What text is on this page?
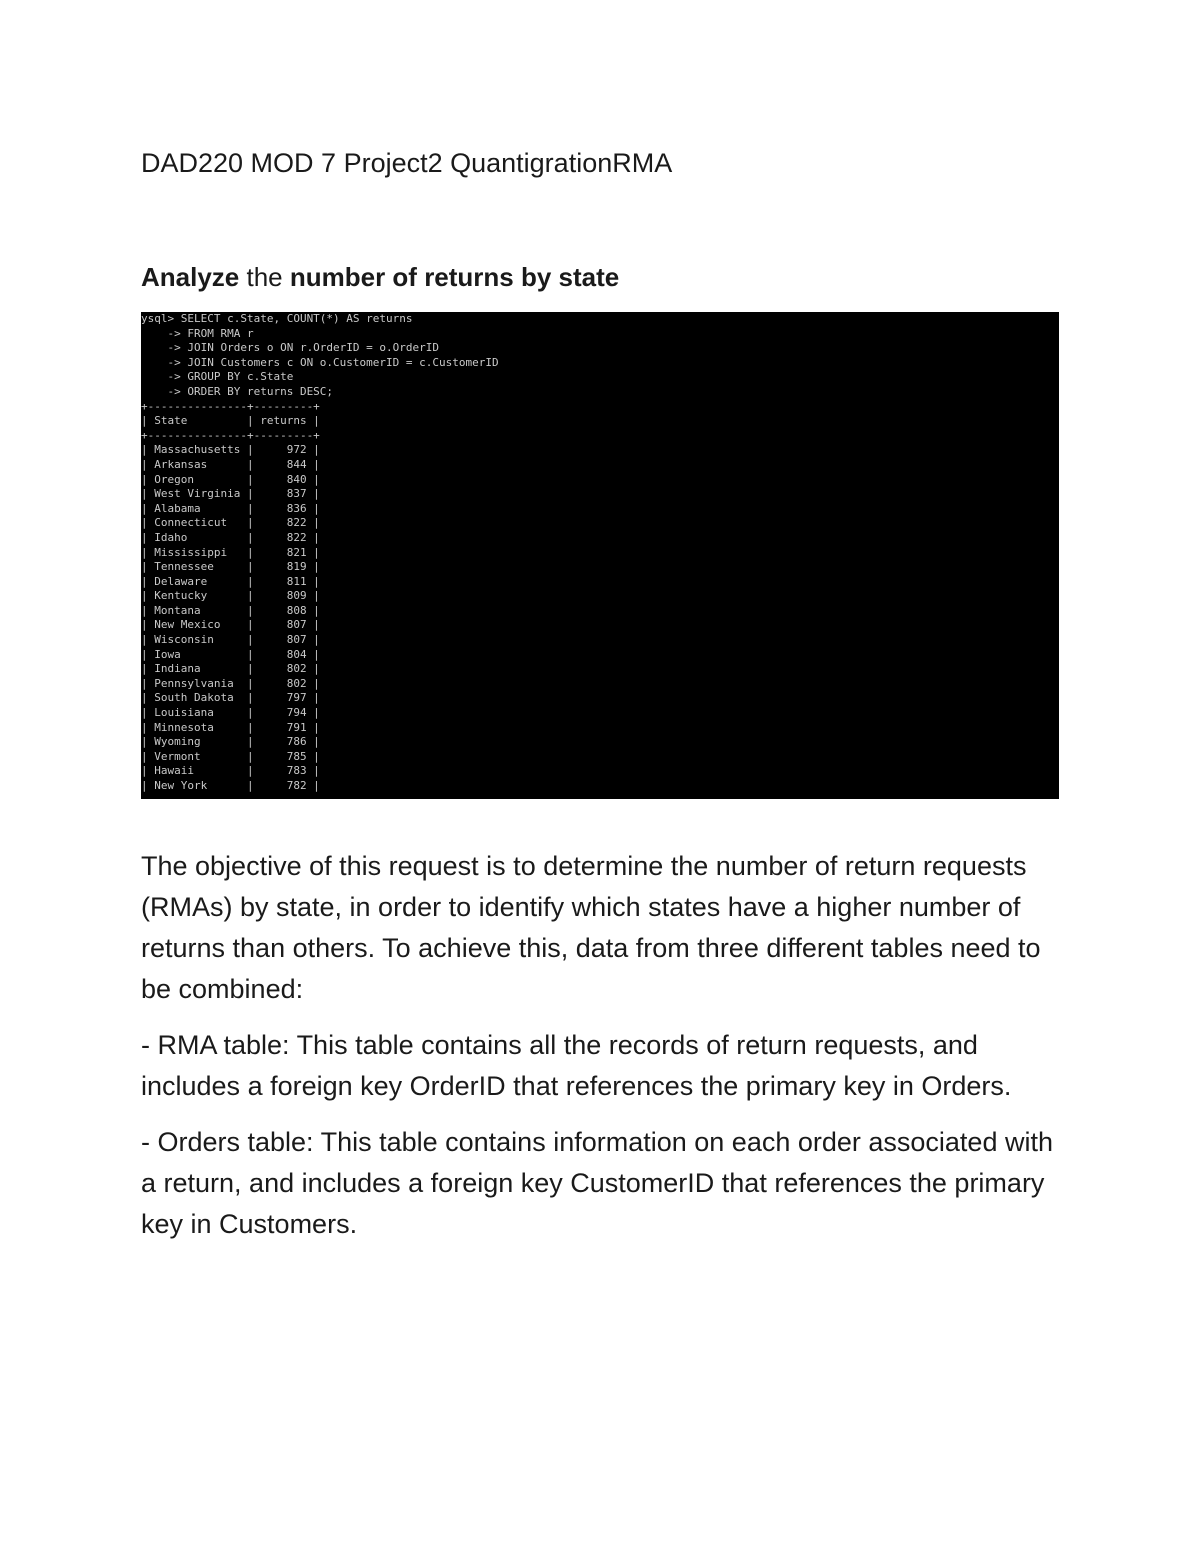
DAD220 MOD 7 Project2 QuantigrationRMA
Analyze the number of returns by state
ysql> SELECT c.State, COUNT(*) AS returns
-> FROM RMA r
-> JOIN Orders o ON r.OrderID = o.OrderID
-> JOIN Customers c ON o.CustomerID = c.CustomerID
-> GROUP BY c.State
-> ORDER BY returns DESC;
+---------------+---------+
| State         | returns |
+---------------+---------+
| Massachusetts |     972 |
| Arkansas      |     844 |
| Oregon        |     840 |
| West Virginia |     837 |
| Alabama       |     836 |
| Connecticut   |     822 |
| Idaho         |     822 |
| Mississippi   |     821 |
| Tennessee     |     819 |
| Delaware      |     811 |
| Kentucky      |     809 |
| Montana       |     808 |
| New Mexico    |     807 |
| Wisconsin     |     807 |
| Iowa          |     804 |
| Indiana       |     802 |
| Pennsylvania  |     802 |
| South Dakota  |     797 |
| Louisiana     |     794 |
| Minnesota     |     791 |
| Wyoming       |     786 |
| Vermont       |     785 |
| Hawaii        |     783 |
| New York      |     782 |

The objective of this request is to determine the number of return requests (RMAs) by state, in order to identify which states have a higher number of returns than others. To achieve this, data from three different tables need to be combined:

- RMA table: This table contains all the records of return requests, and includes a foreign key OrderID that references the primary key in Orders.

- Orders table: This table contains information on each order associated with a return, and includes a foreign key CustomerID that references the primary key in Customers.
